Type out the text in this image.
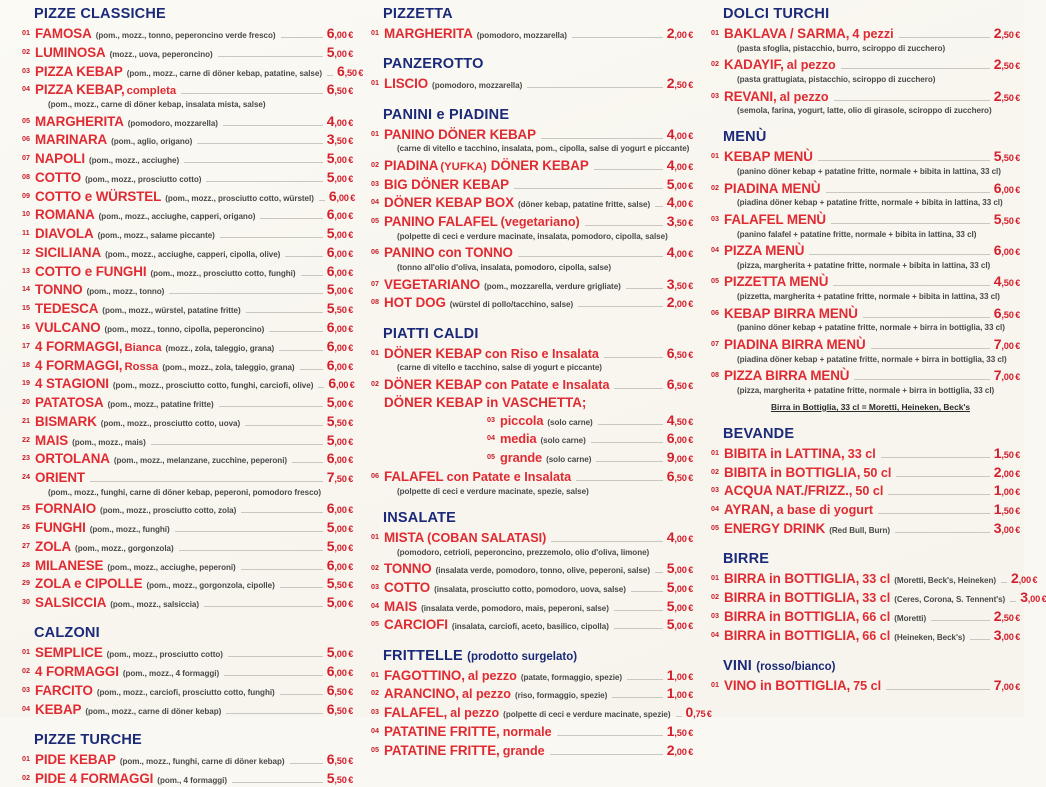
PIZZE CLASSICHE
01 FAMOSA (pom., mozz., tonno, peperoncino verde fresco)	6,00 €
02 LUMINOSA (mozz., uova, peperoncino)	5,00 €
03 PIZZA KEBAP (pom., mozz., carne di döner kebap, patatine, salse) 6,50 €
04 PIZZA KEBAP, completa	6,50 €
(pom., mozz., carne di döner kebap, insalata mista, salse)
05 MARGHERITA (pomodoro, mozzarella)	4,00 €
06 MARINARA (pom., aglio, origano)	3,50 €
07 NAPOLI (pom., mozz., acciughe)	5,00 €
08 COTTO (pom., mozz., prosciutto cotto)	5,00 €
09 COTTO e WÜRSTEL (pom., mozz., prosciutto cotto, würstel) 6,00 €
10 ROMANA (pom., mozz., acciughe, capperi, origano)	6,00 €
11 DIAVOLA (pom., mozz., salame piccante)	5,00 €
12 SICILIANA (pom., mozz., acciughe, capperi, cipolla, olive)	6,00 €
13 COTTO e FUNGHI (pom., mozz., prosciutto cotto, funghi) 6,00 €
14 TONNO (pom., mozz., tonno)	5,00 €
15 TEDESCA (pom., mozz., würstel, patatine fritte)	5,50 €
16 VULCANO (pom., mozz., tonno, cipolla, peperoncino)	6,00 €
17 4 FORMAGGI, Bianca (mozz., zola, taleggio, grana)	6,00 €
18 4 FORMAGGI, Rossa (pom., mozz., zola, taleggio, grana) 6,00 €
19 4 STAGIONI (pom., mozz., prosciutto cotto, funghi, carciofi, olive) 6,00 €
20 PATATOSA (pom., mozz., patatine fritte)	5,00 €
21 BISMARK (pom., mozz., prosciutto cotto, uova)	5,50 €
22 MAIS (pom., mozz., mais)	5,00 €
23 ORTOLANA (pom., mozz., melanzane, zucchine, peperoni)	6,00 €
24 ORIENT	7,50 €
(pom., mozz., funghi, carne di döner kebap, peperoni, pomodoro fresco)
25 FORNAIO (pom., mozz., prosciutto cotto, zola)	6,00 €
26 FUNGHI (pom., mozz., funghi)	5,00 €
27 ZOLA (pom., mozz., gorgonzola)	5,00 €
28 MILANESE (pom., mozz., acciughe, peperoni)	6,00 €
29 ZOLA e CIPOLLE (pom., mozz., gorgonzola, cipolle)	5,50 €
30 SALSICCIA (pom., mozz., salsiccia)	5,00 €
CALZONI
01 SEMPLICE (pom., mozz., prosciutto cotto)	5,00 €
02 4 FORMAGGI (pom., mozz., 4 formaggi)	6,00 €
03 FARCITO (pom., mozz., carciofi, prosciutto cotto, funghi)	6,50 €
04 KEBAP (pom., mozz., carne di döner kebap)	6,50 €
PIZZE TURCHE
01 PIDE KEBAP (pom., mozz., funghi, carne di döner kebap)	6,50 €
02 PIDE 4 FORMAGGI (pom., 4 formaggi)	5,50 €
PIZZETTA
01 MARGHERITA (pomodoro, mozzarella)	2,00 €
PANZEROTTO
01 LISCIO (pomodoro, mozzarella)	2,50 €
PANINI e PIADINE
01 PANINO DÖNER KEBAP	4,00 €
(carne di vitello e tacchino, insalata, pom., cipolla, salse di yogurt e piccante)
02 PIADINA (YUFKA) DÖNER KEBAP	4,00 €
03 BIG DÖNER KEBAP	5,00 €
04 DÖNER KEBAP BOX (döner kebap, patatine fritte, salse) 4,00 €
05 PANINO FALAFEL (vegetariano)	3,50 €
(polpette di ceci e verdure macinate, insalata, pomodoro, cipolla, salse)
06 PANINO con TONNO	4,00 €
(tonno all'olio d'oliva, insalata, pomodoro, cipolla, salse)
07 VEGETARIANO (pom., mozzarella, verdure grigliate)	3,50 €
08 HOT DOG (würstel di pollo/tacchino, salse)	2,00 €
PIATTI CALDI
01 DÖNER KEBAP con Riso e Insalata	6,50 €
(carne di vitello e tacchino, salse di yogurt e piccante)
02 DÖNER KEBAP con Patate e Insalata	6,50 €
DÖNER KEBAP in VASCHETTA;
03 piccola (solo carne)	4,50 €
04 media (solo carne)	6,00 €
05 grande (solo carne)	9,00 €
06 FALAFEL con Patate e Insalata	6,50 €
(polpette di ceci e verdure macinate, spezie, salse)
INSALATE
01 MISTA (COBAN SALATASI)	4,00 €
(pomodoro, cetrioli, peperoncino, prezzemolo, olio d'oliva, limone)
02 TONNO (insalata verde, pomodoro, tonno, olive, peperoni, salse) 5,00 €
03 COTTO (insalata, prosciutto cotto, pomodoro, uova, salse)	5,00 €
04 MAIS (insalata verde, pomodoro, mais, peperoni, salse)	5,00 €
05 CARCIOFI (insalata, carciofi, aceto, basilico, cipolla)	5,00 €
FRITTELLE (prodotto surgelato)
01 FAGOTTINO, al pezzo (patate, formaggio, spezie)	1,00 €
02 ARANCINO, al pezzo (riso, formaggio, spezie)	1,00 €
03 FALAFEL, al pezzo (polpette di ceci e verdure macinate, spezie) 0,75 €
04 PATATINE FRITTE, normale	1,50 €
05 PATATINE FRITTE, grande	2,00 €
DOLCI TURCHI
01 BAKLAVA / SARMA, 4 pezzi	2,50 €
(pasta sfoglia, pistacchio, burro, sciroppo di zucchero)
02 KADAYIF, al pezzo	2,50 €
(pasta grattugiata, pistacchio, sciroppo di zucchero)
03 REVANI, al pezzo	2,50 €
(semola, farina, yogurt, latte, olio di girasole, sciroppo di zucchero)
MENÙ
01 KEBAP MENÙ	5,50 €
(panino döner kebap + patatine fritte, normale + bibita in lattina, 33 cl)
02 PIADINA MENÙ	6,00 €
(piadina döner kebap + patatine fritte, normale + bibita in lattina, 33 cl)
03 FALAFEL MENÙ	5,50 €
(panino falafel + patatine fritte, normale + bibita in lattina, 33 cl)
04 PIZZA MENÙ	6,00 €
(pizza, margherita + patatine fritte, normale + bibita in lattina, 33 cl)
05 PIZZETTA MENÙ	4,50 €
(pizzetta, margherita + patatine fritte, normale + bibita in lattina, 33 cl)
06 KEBAP BIRRA MENÙ	6,50 €
(panino döner kebap + patatine fritte, normale + birra in bottiglia, 33 cl)
07 PIADINA BIRRA MENÙ	7,00 €
(piadina döner kebap + patatine fritte, normale + birra in bottiglia, 33 cl)
08 PIZZA BIRRA MENÙ	7,00 €
(pizza, margherita + patatine fritte, normale + birra in bottiglia, 33 cl)
Birra in Bottiglia, 33 cl = Moretti, Heineken, Beck's
BEVANDE
01 BIBITA in LATTINA, 33 cl	1,50 €
02 BIBITA in BOTTIGLIA, 50 cl	2,00 €
03 ACQUA NAT./FRIZZ., 50 cl	1,00 €
04 AYRAN, a base di yogurt	1,50 €
05 ENERGY DRINK (Red Bull, Burn)	3,00 €
BIRRE
01 BIRRA in BOTTIGLIA, 33 cl (Moretti, Beck's, Heineken) 2,00 €
02 BIRRA in BOTTIGLIA, 33 cl (Ceres, Corona, S. Tennent's) 3,00 €
03 BIRRA in BOTTIGLIA, 66 cl (Moretti)	2,50 €
04 BIRRA in BOTTIGLIA, 66 cl (Heineken, Beck's) 3,00 €
VINI (rosso/bianco)
01 VINO in BOTTIGLIA, 75 cl	7,00 €
